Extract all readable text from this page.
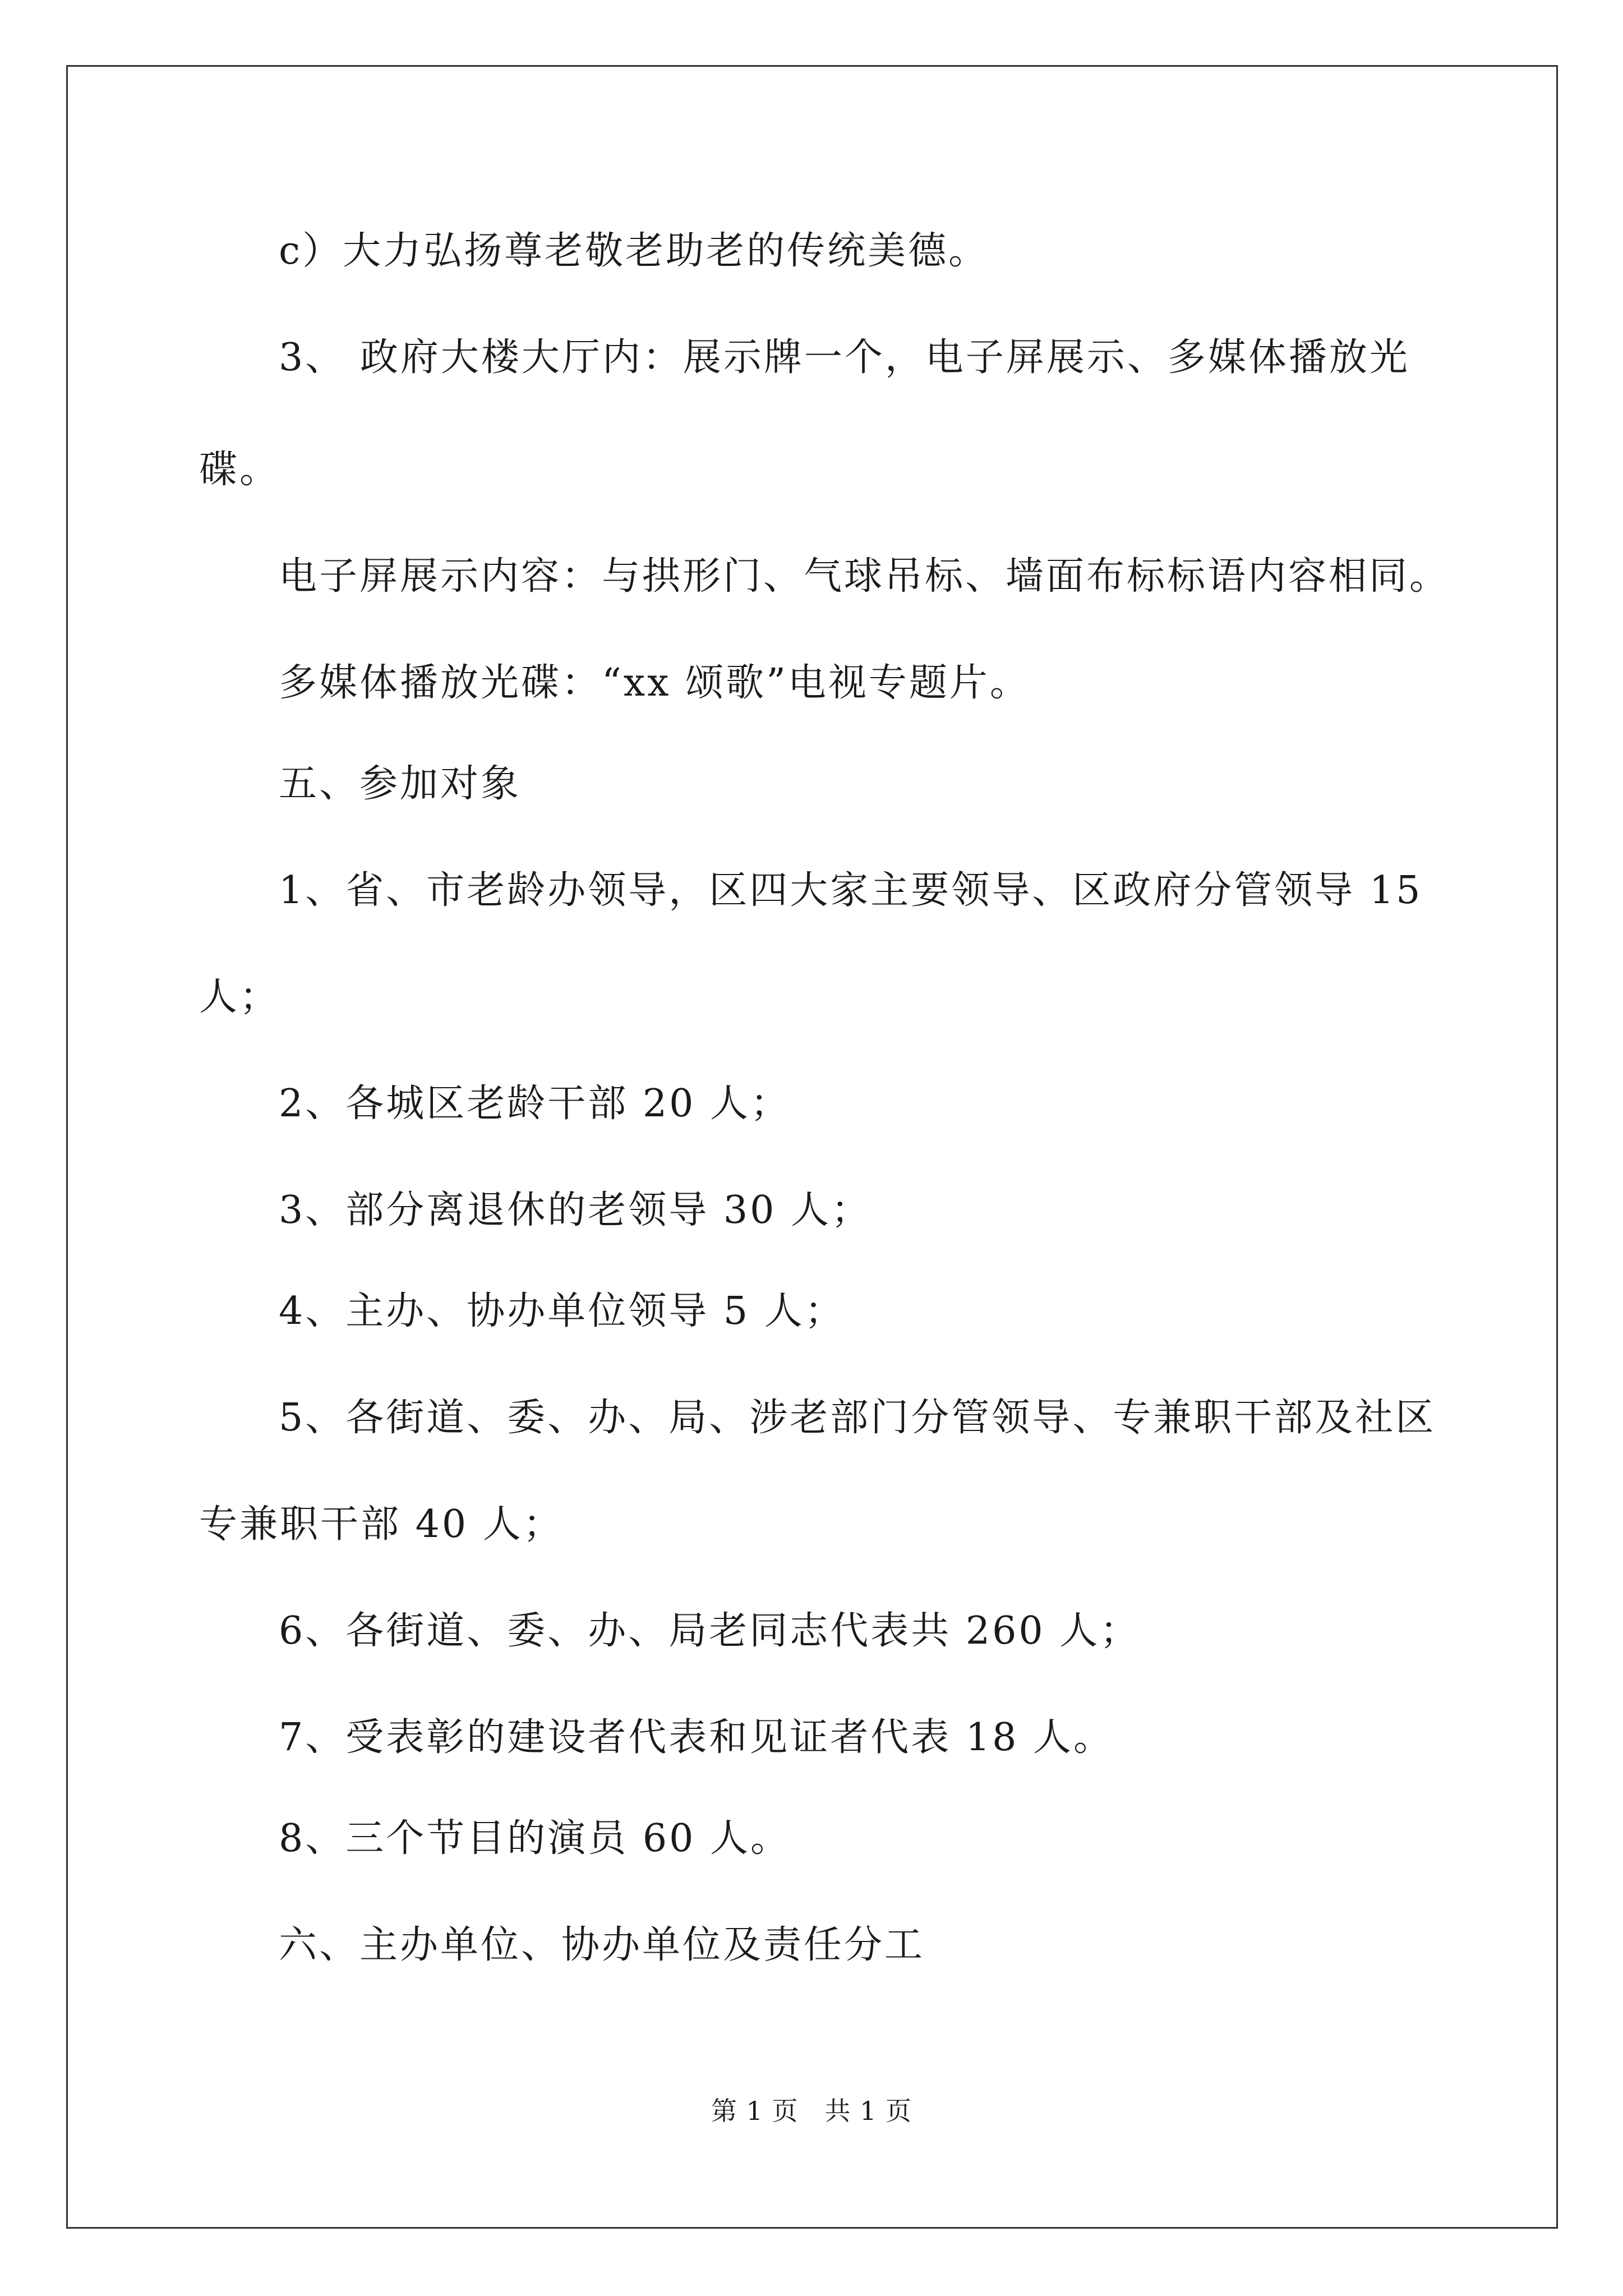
c）大力弘扬尊老敬老助老的传统美德。
3、 政府大楼大厅内：展示牌一个，电子屏展示、多媒体播放光
碟。
电子屏展示内容：与拱形门、气球吊标、墙面布标标语内容相同。
多媒体播放光碟：“xx 颂歌”电视专题片。
五、参加对象
1、省、市老龄办领导，区四大家主要领导、区政府分管领导 15
人；
2、各城区老龄干部 20 人；
3、部分离退休的老领导 30 人；
4、主办、协办单位领导 5 人；
5、各街道、委、办、局、涉老部门分管领导、专兼职干部及社区
专兼职干部 40 人；
6、各街道、委、办、局老同志代表共 260 人；
7、受表彰的建设者代表和见证者代表 18 人。
8、三个节目的演员 60 人。
六、主办单位、协办单位及责任分工
第 1 页　共 1 页
